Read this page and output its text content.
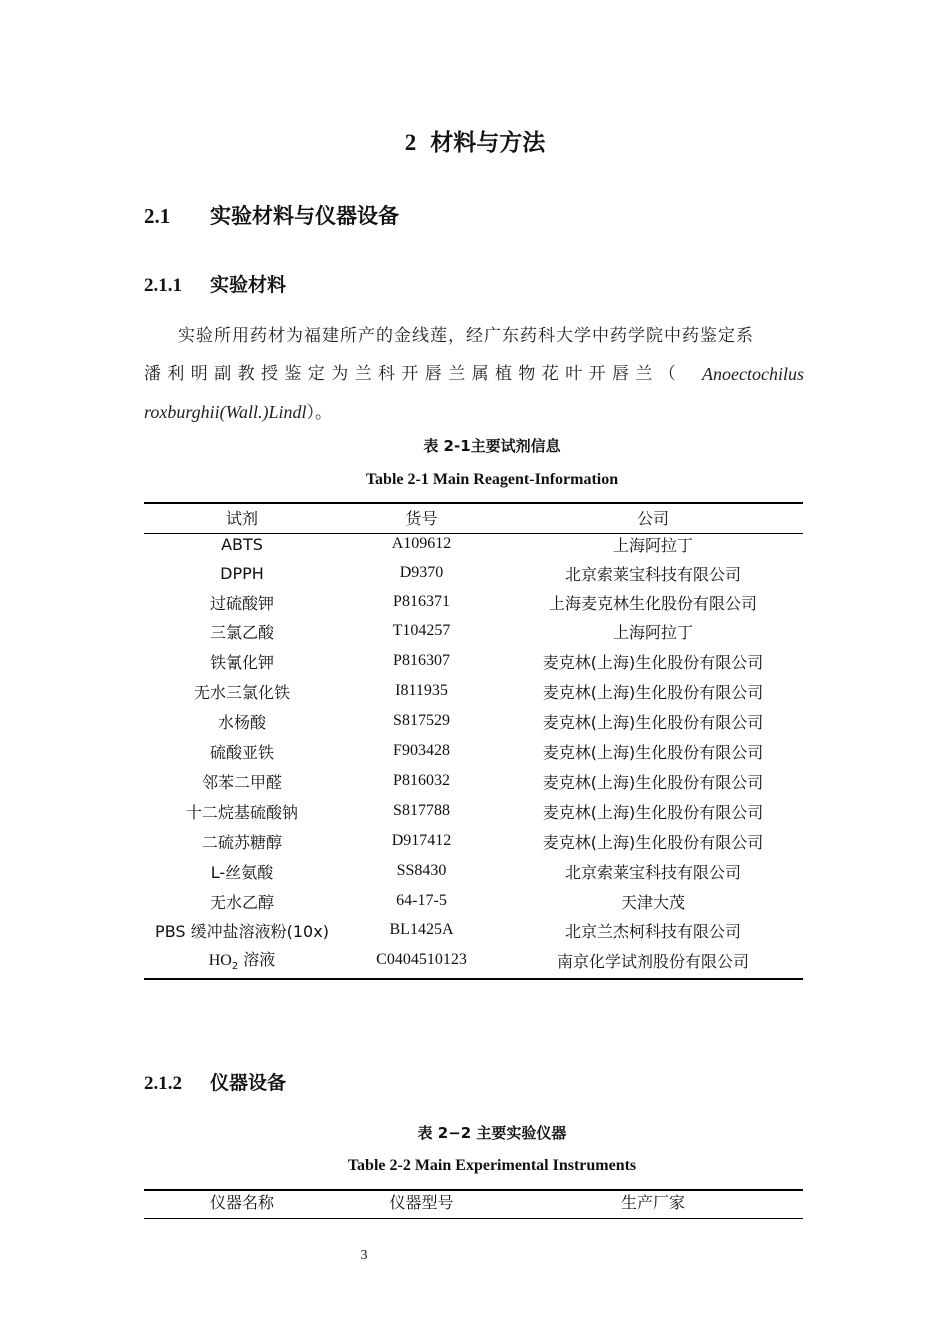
2 材料与方法
2.1 实验材料与仪器设备
2.1.1 实验材料
实验所用药材为福建所产的金线莲，经广东药科大学中药学院中药鉴定系
潘利明副教授鉴定为兰科开唇兰属植物花叶开唇兰（ Anoectochilus
roxburghii(Wall.)Lindl）。
表 2-1主要试剂信息
Table 2-1 Main Reagent-Information
试剂	货号	公司
ABTS	A109612	上海阿拉丁
DPPH	D9370	北京索莱宝科技有限公司
过硫酸钾	P816371	上海麦克林生化股份有限公司
三氯乙酸	T104257	上海阿拉丁
铁氰化钾	P816307	麦克林(上海)生化股份有限公司
无水三氯化铁	I811935	麦克林(上海)生化股份有限公司
水杨酸	S817529	麦克林(上海)生化股份有限公司
硫酸亚铁	F903428	麦克林(上海)生化股份有限公司
邻苯二甲醛	P816032	麦克林(上海)生化股份有限公司
十二烷基硫酸钠	S817788	麦克林(上海)生化股份有限公司
二硫苏糖醇	D917412	麦克林(上海)生化股份有限公司
L-丝氨酸	SS8430	北京索莱宝科技有限公司
无水乙醇	64-17-5	天津大茂
PBS 缓冲盐溶液粉(10x)	BL1425A	北京兰杰柯科技有限公司
$HO_2$ 溶液	C0404510123	南京化学试剂股份有限公司
2.1.2 仪器设备
表 2−2 主要实验仪器
Table 2-2 Main Experimental Instruments
仪器名称	仪器型号	生产厂家
3
